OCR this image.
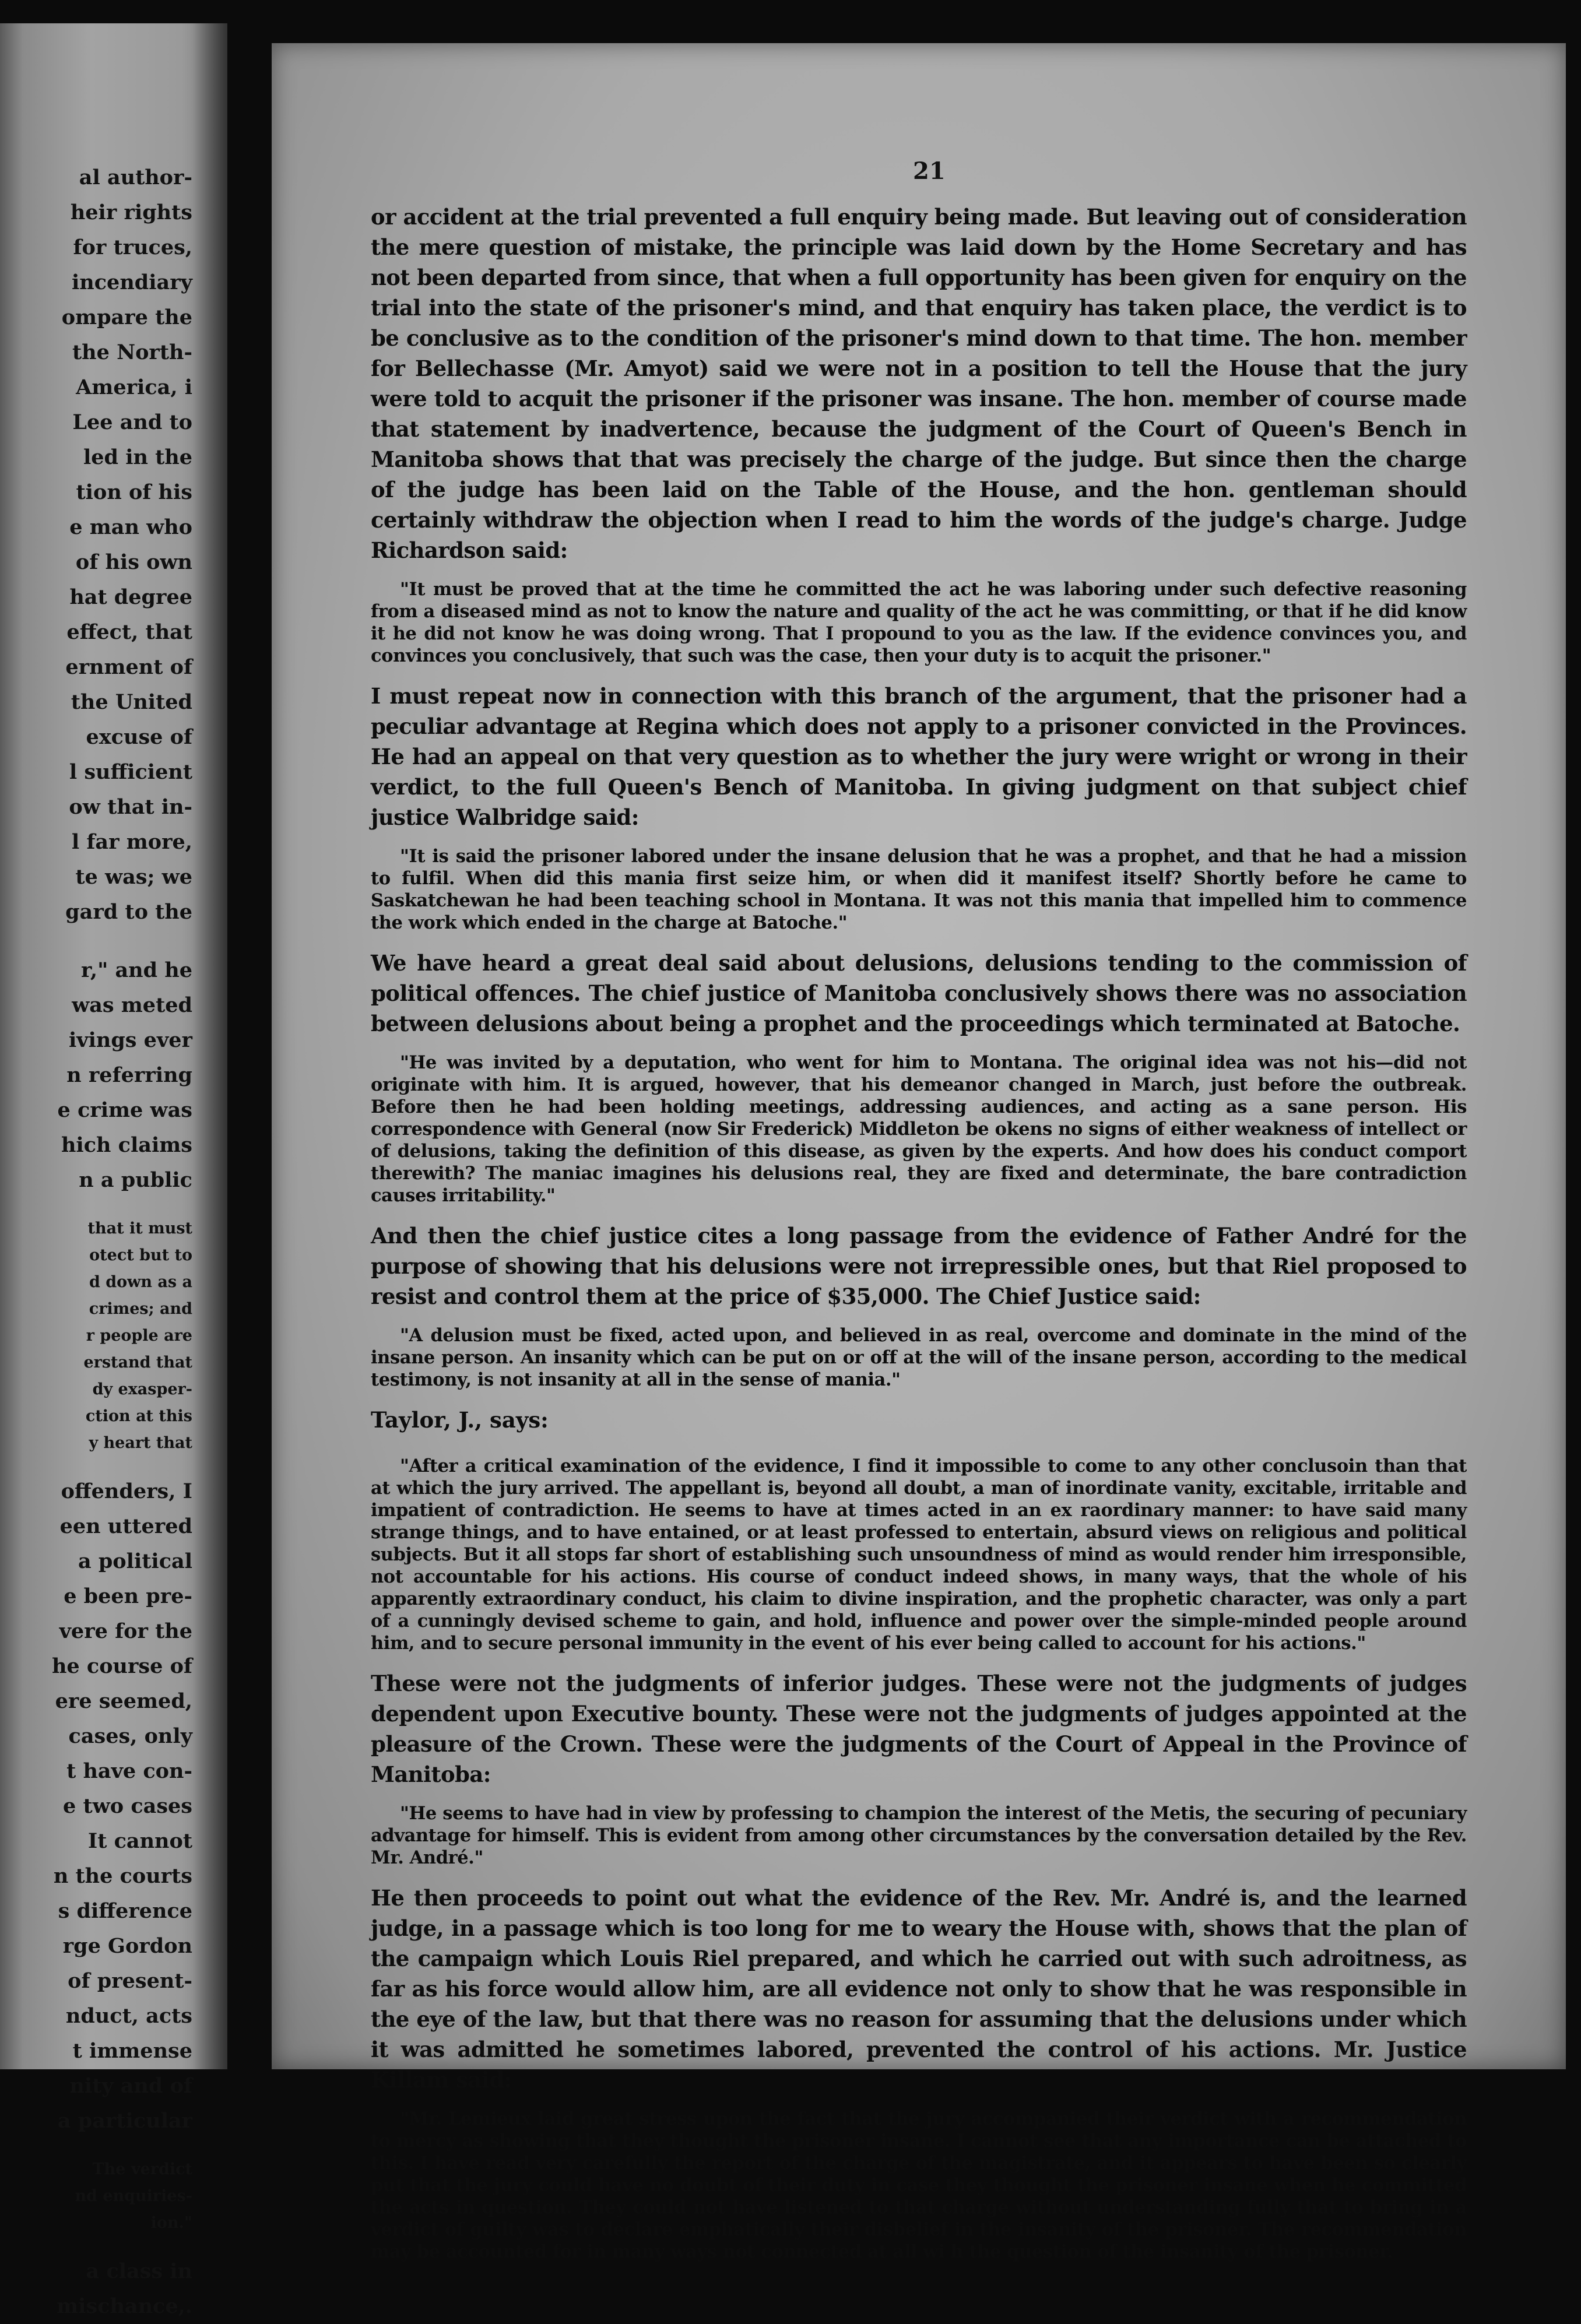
al author-
heir rights
for truces,
incendiary
ompare the
the North-
America, i
Lee and to
led in the
tion of his
e man who
of his own
hat degree
effect, that
ernment of
the United
excuse of
l sufficient
ow that in-
l far more,
te was; we
gard to the
r," and he
was meted
ivings ever
n referring
e crime was
hich claims
n a public
that it must
otect but to
d down as a
crimes; and
r people are
erstand that
dy exasper-
ction at this
y heart that
offenders, I
een uttered
a political
e been pre-
vere for the
he course of
ere seemed,
cases, only
t have con-
e two cases
It cannot
n the courts
s difference
rge Gordon
of present-
nduct, acts
t immense
nity and of
a particular
The verdict
nd enquiries-
ion."
a class in
mischance,.
21

or accident at the trial prevented a full enquiry being made. But leaving out of consideration the mere question of mistake, the principle was laid down by the Home Secretary and has not been departed from since, that when a full opportunity has been given for enquiry on the trial into the state of the prisoner's mind, and that enquiry has taken place, the verdict is to be conclusive as to the condition of the prisoner's mind down to that time. The hon. member for Bellechasse (Mr. Amyot) said we were not in a position to tell the House that the jury were told to acquit the prisoner if the prisoner was insane. The hon. member of course made that statement by inadvertence, because the judgment of the Court of Queen's Bench in Manitoba shows that that was precisely the charge of the judge. But since then the charge of the judge has been laid on the Table of the House, and the hon. gentleman should certainly withdraw the objection when I read to him the words of the judge's charge. Judge Richardson said:

"It must be proved that at the time he committed the act he was laboring under such defective reasoning from a diseased mind as not to know the nature and quality of the act he was committing, or that if he did know it he did not know he was doing wrong. That I propound to you as the law. If the evidence convinces you, and convinces you conclusively, that such was the case, then your duty is to acquit the prisoner."

I must repeat now in connection with this branch of the argument, that the prisoner had a peculiar advantage at Regina which does not apply to a prisoner convicted in the Provinces. He had an appeal on that very question as to whether the jury were wright or wrong in their verdict, to the full Queen's Bench of Manitoba. In giving judgment on that subject chief justice Walbridge said:

"It is said the prisoner labored under the insane delusion that he was a prophet, and that he had a mission to fulfil. When did this mania first seize him, or when did it manifest itself? Shortly before he came to Saskatchewan he had been teaching school in Montana. It was not this mania that impelled him to commence the work which ended in the charge at Batoche."

We have heard a great deal said about delusions, delusions tending to the commission of political offences. The chief justice of Manitoba conclusively shows there was no association between delusions about being a prophet and the proceedings which terminated at Batoche.

"He was invited by a deputation, who went for him to Montana. The original idea was not his—did not originate with him. It is argued, however, that his demeanor changed in March, just before the outbreak. Before then he had been holding meetings, addressing audiences, and acting as a sane person. His correspondence with General (now Sir Frederick) Middleton be okens no signs of either weakness of intellect or of delusions, taking the definition of this disease, as given by the experts. And how does his conduct comport therewith? The maniac imagines his delusions real, they are fixed and determinate, the bare contradiction causes irritability."

And then the chief justice cites a long passage from the evidence of Father André for the purpose of showing that his delusions were not irrepressible ones, but that Riel proposed to resist and control them at the price of $35,000. The Chief Justice said:

"A delusion must be fixed, acted upon, and believed in as real, overcome and dominate in the mind of the insane person. An insanity which can be put on or off at the will of the insane person, according to the medical testimony, is not insanity at all in the sense of mania."

Taylor, J., says:

"After a critical examination of the evidence, I find it impossible to come to any other conclusoin than that at which the jury arrived. The appellant is, beyond all doubt, a man of inordinate vanity, excitable, irritable and impatient of contradiction. He seems to have at times acted in an ex raordinary manner: to have said many strange things, and to have entained, or at least professed to entertain, absurd views on religious and political subjects. But it all stops far short of establishing such unsoundness of mind as would render him irresponsible, not accountable for his actions. His course of conduct indeed shows, in many ways, that the whole of his apparently extraordinary conduct, his claim to divine inspiration, and the prophetic character, was only a part of a cunningly devised scheme to gain, and hold, influence and power over the simple-minded people around him, and to secure personal immunity in the event of his ever being called to account for his actions."

These were not the judgments of inferior judges. These were not the judgments of judges dependent upon Executive bounty. These were not the judgments of judges appointed at the pleasure of the Crown. These were the judgments of the Court of Appeal in the Province of Manitoba:

"He seems to have had in view by professing to champion the interest of the Metis, the securing of pecuniary advantage for himself. This is evident from among other circumstances by the conversation detailed by the Rev. Mr. André."

He then proceeds to point out what the evidence of the Rev. Mr. André is, and the learned judge, in a passage which is too long for me to weary the House with, shows that the plan of the campaign which Louis Riel prepared, and which he carried out with such adroitness, as far as his force would allow him, are all evidence not only to show that he was responsible in the eye of the law, but that there was no reason for assuming that the delusions under which it was admitted he sometimes labored, prevented the control of his actions. Mr. Justice Killam said:

"Mr. Lemieux laid great stress upon the fact that the jury accompanied their verdict with a recommendation to mercy as showing that they thought the prisoner insane. I cannot see that any importance can be attached to this. I have read very carefully the report of the charge of the magistrate, and it appears to have been so clearly put that the jury could have no doubt of their duty in case they thought the prisoner insane when he committed the acts in question. They could not have listened to that charge without understanding fully that to bring in a verdict of guilty was to declare emphatically their disbelief in the insanity of the prisoner. The recommendation may be accounted for in many ways not connected at all wi h the question of the insanity of the prisoner.
